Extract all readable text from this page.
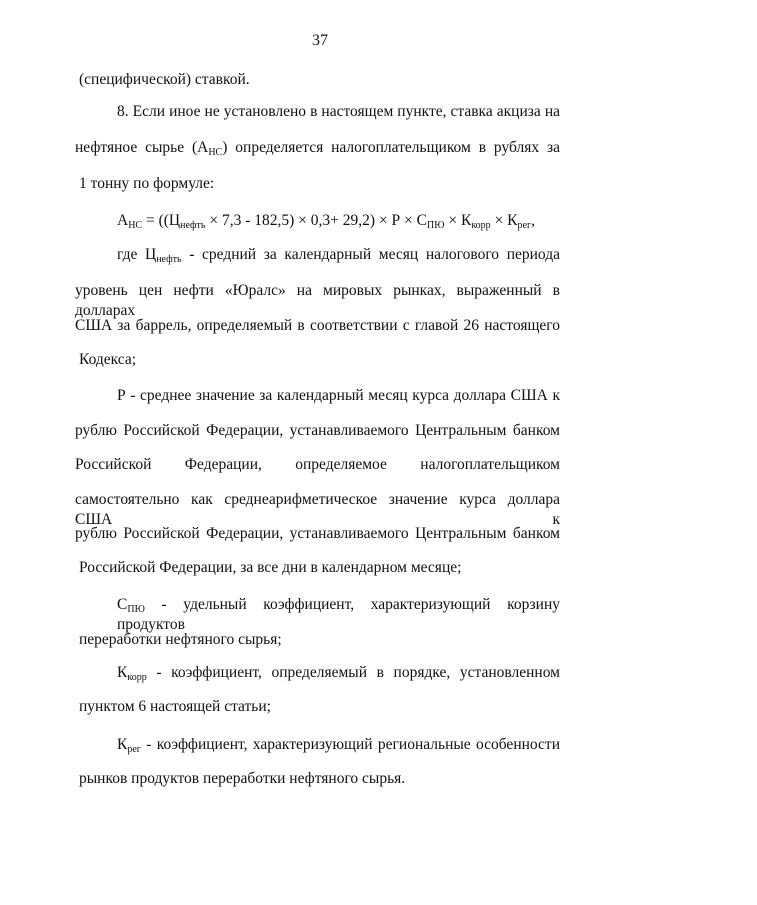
37
(специфической) ставкой.
8. Если иное не установлено в настоящем пункте, ставка акциза на
нефтяное сырье $(А_{НС})$ определяется налогоплательщиком в рублях за
1 тонну по формуле:
$А_{НС} = ((Ц_{нефть} \times 7,3 - 182,5) \times 0,3+ 29,2) \times Р \times С_{ПЮ} \times К_{корр} \times К_{рег}$,
где $Ц_{нефть}$ - средний за календарный месяц налогового периода
уровень цен нефти «Юралс» на мировых рынках, выраженный в долларах
США за баррель, определяемый в соответствии с главой 26 настоящего
Кодекса;
Р - среднее значение за календарный месяц курса доллара США к
рублю Российской Федерации, устанавливаемого Центральным банком
Российской Федерации, определяемое налогоплательщиком
самостоятельно как среднеарифметическое значение курса доллара США к
рублю Российской Федерации, устанавливаемого Центральным банком
Российской Федерации, за все дни в календарном месяце;
$С_{ПЮ}$ - удельный коэффициент, характеризующий корзину продуктов
переработки нефтяного сырья;
$К_{корр}$ - коэффициент, определяемый в порядке, установленном
пунктом 6 настоящей статьи;
$К_{рег}$ - коэффициент, характеризующий региональные особенности
рынков продуктов переработки нефтяного сырья.
